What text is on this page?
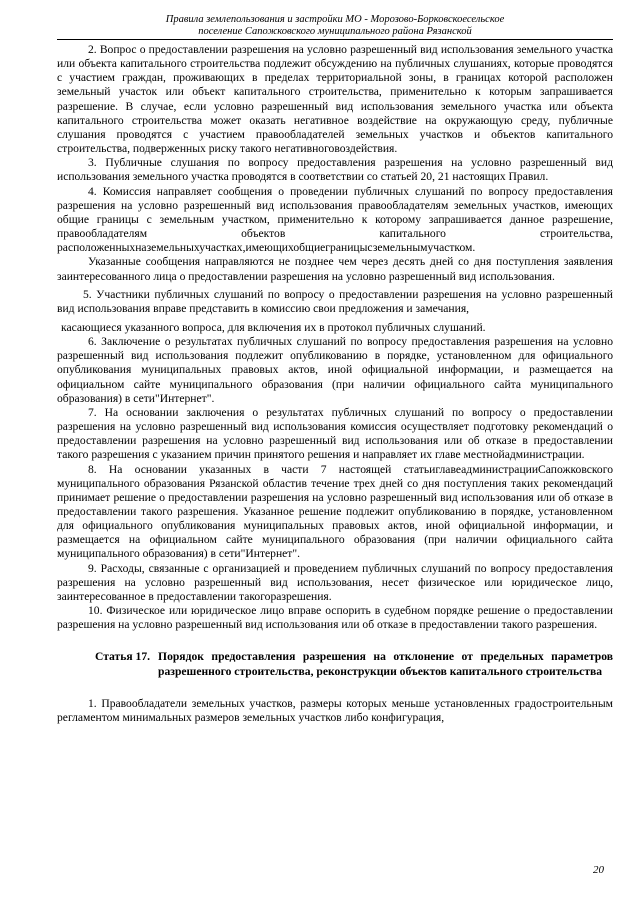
Правила землепользования и застройки МО - Морозово-Борковскоесельское
поселение Сапожковского муниципального района Рязанской

2. Вопрос о предоставлении разрешения на условно разрешенный вид использования земельного участка или объекта капитального строительства подлежит обсуждению на публичных слушаниях, которые проводятся с участием граждан, проживающих в пределах территориальной зоны, в границах которой расположен земельный участок или объект капитального строительства, применительно к которым запрашивается разрешение. В случае, если условно разрешенный вид использования земельного участка или объекта капитального строительства может оказать негативное воздействие на окружающую среду, публичные слушания проводятся с участием правообладателей земельных участков и объектов капитального строительства, подверженных риску такого негативноговоздействия.

3. Публичные слушания по вопросу предоставления разрешения на условно разрешенный вид использования земельного участка проводятся в соответствии со статьей 20, 21 настоящих Правил.

4. Комиссия направляет сообщения о проведении публичных слушаний по вопросу предоставления разрешения на условно разрешенный вид использования правообладателям земельных участков, имеющих общие границы с земельным участком, применительно к которому запрашивается данное разрешение, правообладателям объектов капитального строительства, расположенныхназемельныхучастках,имеющихобщиеграницысземельнымучастком.

Указанные сообщения направляются не позднее чем через десять дней со дня поступления заявления заинтересованного лица о предоставлении разрешения на условно разрешенный вид использования.

5. Участники публичных слушаний по вопросу о предоставлении разрешения на условно разрешенный вид использования вправе представить в комиссию свои предложения и замечания,

касающиеся указанного вопроса, для включения их в протокол публичных слушаний.

6. Заключение о результатах публичных слушаний по вопросу предоставления разрешения на условно разрешенный вид использования подлежит опубликованию в порядке, установленном для официального опубликования муниципальных правовых актов, иной официальной информации, и размещается на официальном сайте муниципального образования (при наличии официального сайта муниципального образования) в сети"Интернет".

7. На основании заключения о результатах публичных слушаний по вопросу о предоставлении разрешения на условно разрешенный вид использования комиссия осуществляет подготовку рекомендаций о предоставлении разрешения на условно разрешенный вид использования или об отказе в предоставлении такого разрешения с указанием причин принятого решения и направляет их главе местнойадминистрации.

8. На основании указанных в части 7 настоящей статьиглавеадминистрацииСапожковского муниципального образования Рязанской областив течение трех дней со дня поступления таких рекомендаций принимает решение о предоставлении разрешения на условно разрешенный вид использования или об отказе в предоставлении такого разрешения. Указанное решение подлежит опубликованию в порядке, установленном для официального опубликования муниципальных правовых актов, иной официальной информации, и размещается на официальном сайте муниципального образования (при наличии официального сайта муниципального образования) в сети"Интернет".

9. Расходы, связанные с организацией и проведением публичных слушаний по вопросу предоставления разрешения на условно разрешенный вид использования, несет физическое или юридическое лицо, заинтересованное в предоставлении такогоразрешения.

10. Физическое или юридическое лицо вправе оспорить в судебном порядке решение о предоставлении разрешения на условно разрешенный вид использования или об отказе в предоставлении такого разрешения.

Статья 17. Порядок предоставления разрешения на отклонение от предельных параметров разрешенного строительства, реконструкции объектов капитального строительства

1. Правообладатели земельных участков, размеры которых меньше установленных градостроительным регламентом минимальных размеров земельных участков либо конфигурация,

20
